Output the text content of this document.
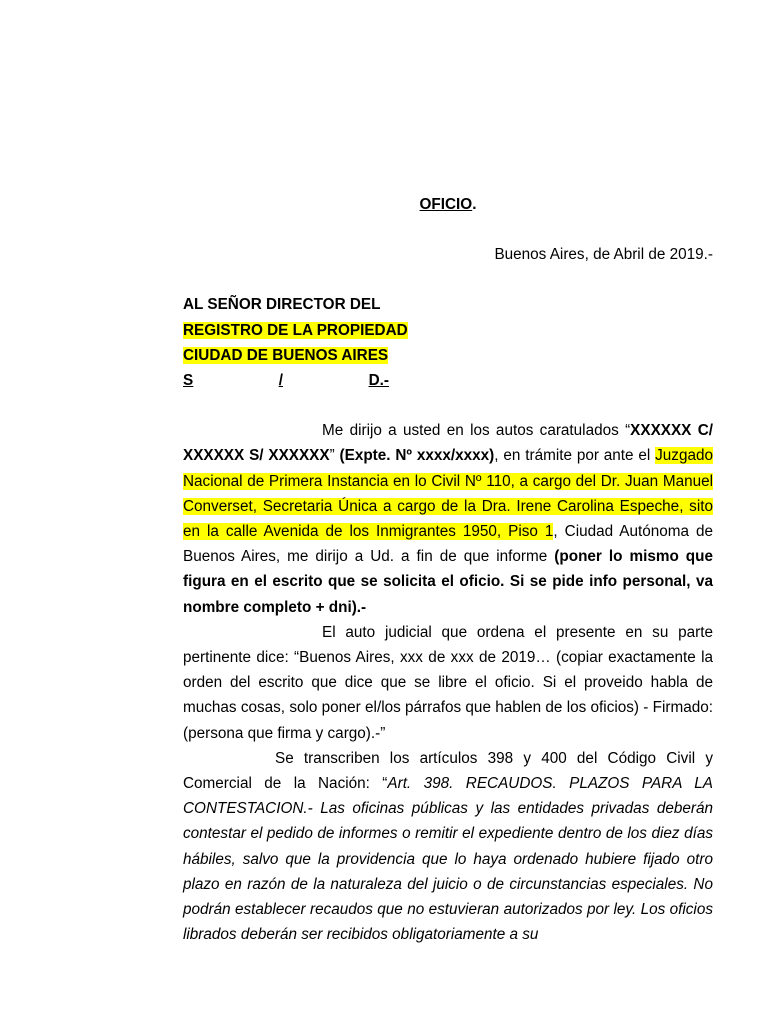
OFICIO.

Buenos Aires, de Abril de 2019.-

AL SEÑOR DIRECTOR DEL

REGISTRO DE LA PROPIEDAD

CIUDAD DE BUENOS AIRES

S	/	D.-

Me dirijo a usted en los autos caratulados “XXXXXX C/ XXXXXX S/ XXXXXX” (Expte. Nº xxxx/xxxx), en trámite por ante el Juzgado Nacional de Primera Instancia en lo Civil Nº 110, a cargo del Dr. Juan Manuel Converset, Secretaria Única a cargo de la Dra. Irene Carolina Espeche, sito en la calle Avenida de los Inmigrantes 1950, Piso 1, Ciudad Autónoma de Buenos Aires, me dirijo a Ud. a fin de que informe (poner lo mismo que figura en el escrito que se solicita el oficio. Si se pide info personal, va nombre completo + dni).-

El auto judicial que ordena el presente en su parte pertinente dice: “Buenos Aires, xxx de xxx de 2019… (copiar exactamente la orden del escrito que dice que se libre el oficio. Si el proveido habla de muchas cosas, solo poner el/los párrafos que hablen de los oficios) - Firmado: (persona que firma y cargo).-”

Se transcriben los artículos 398 y 400 del Código Civil y Comercial de la Nación: “Art. 398. RECAUDOS. PLAZOS PARA LA CONTESTACION.- Las oficinas públicas y las entidades privadas deberán contestar el pedido de informes o remitir el expediente dentro de los diez días hábiles, salvo que la providencia que lo haya ordenado hubiere fijado otro plazo en razón de la naturaleza del juicio o de circunstancias especiales. No podrán establecer recaudos que no estuvieran autorizados por ley. Los oficios librados deberán ser recibidos obligatoriamente a su
